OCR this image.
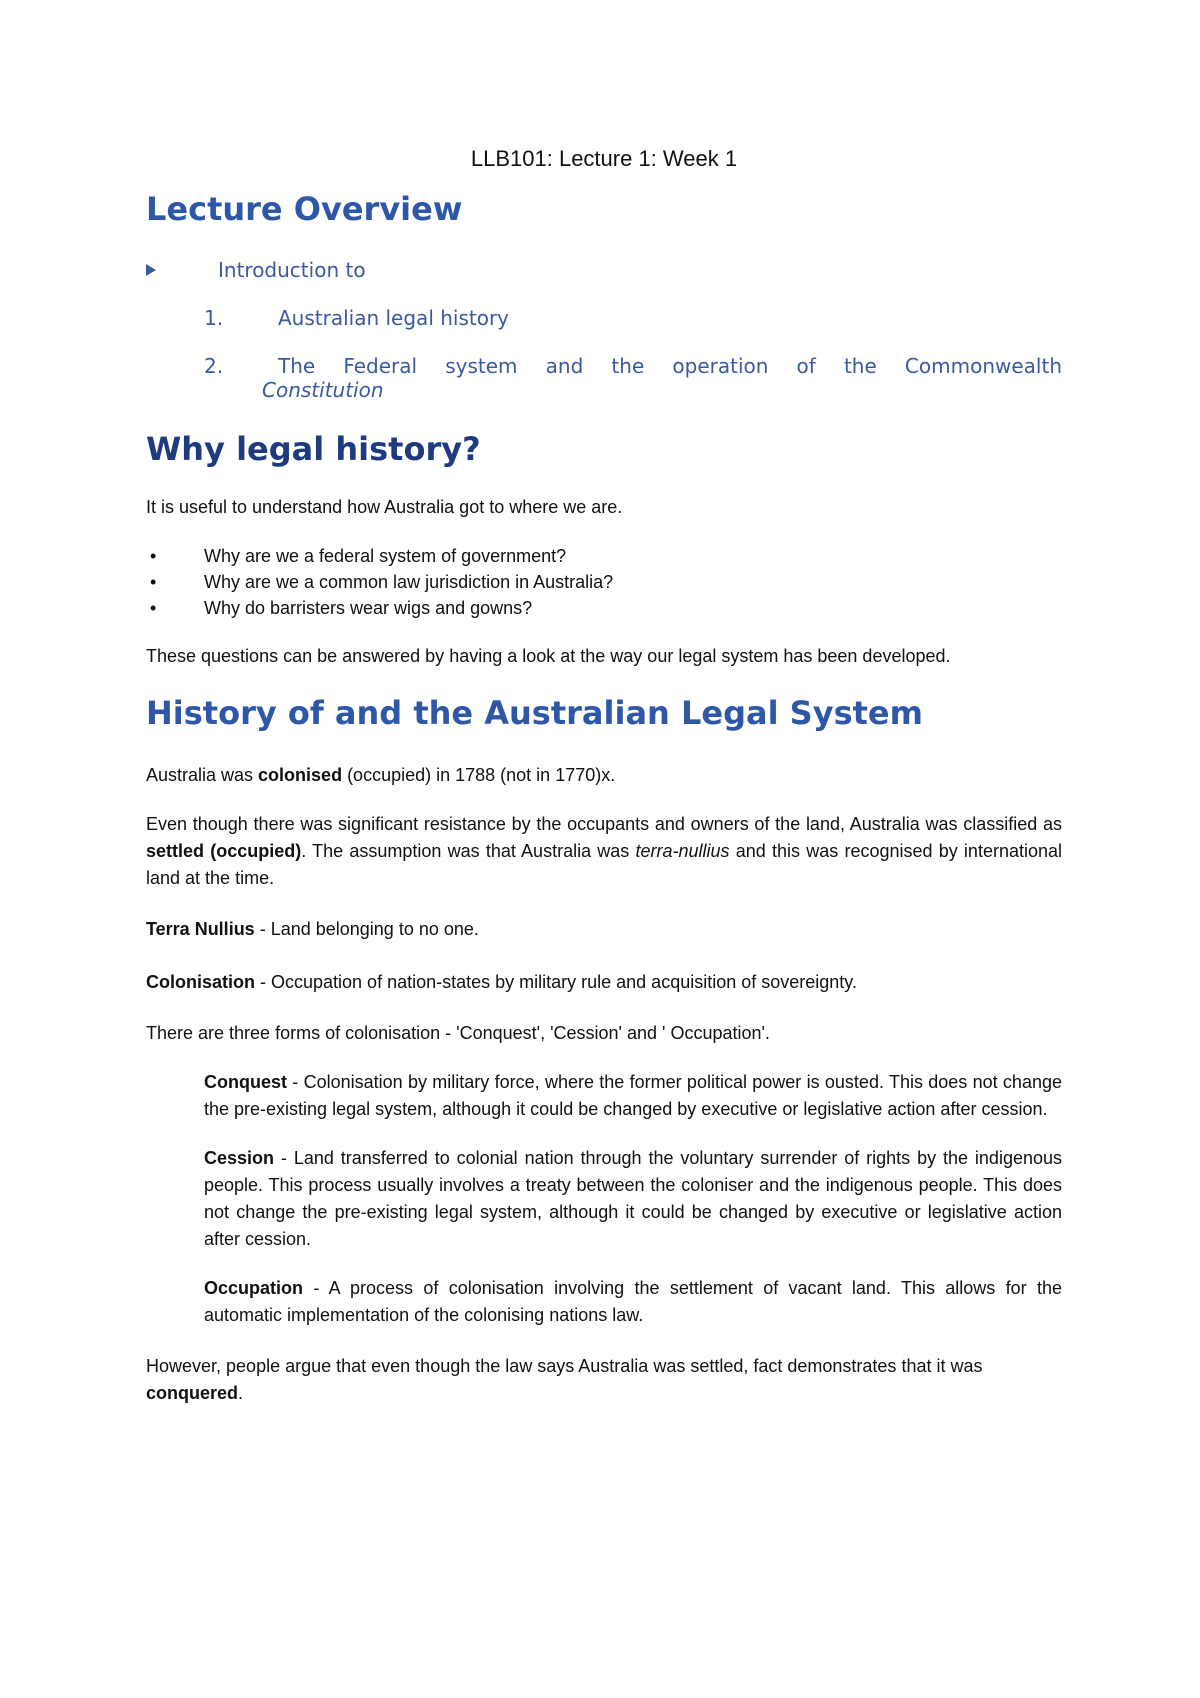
LLB101: Lecture 1: Week 1
Lecture Overview
Introduction to
1.	Australian legal history
2.	The Federal system and the operation of the Commonwealth
Constitution
Why legal history?

It is useful to understand how Australia got to where we are.

• Why are we a federal system of government?
• Why are we a common law jurisdiction in Australia?
• Why do barristers wear wigs and gowns?

These questions can be answered by having a look at the way our legal system has been developed.

History of and the Australian Legal System

Australia was colonised (occupied) in 1788 (not in 1770)x.

Even though there was significant resistance by the occupants and owners of the land, Australia was classified as settled (occupied). The assumption was that Australia was terra-nullius and this was recognised by international land at the time.

Terra Nullius - Land belonging to no one.

Colonisation - Occupation of nation-states by military rule and acquisition of sovereignty.

There are three forms of colonisation - 'Conquest', 'Cession' and ' Occupation'.

Conquest - Colonisation by military force, where the former political power is ousted. This does not change the pre-existing legal system, although it could be changed by executive or legislative action after cession.

Cession - Land transferred to colonial nation through the voluntary surrender of rights by the indigenous people. This process usually involves a treaty between the coloniser and the indigenous people. This does not change the pre-existing legal system, although it could be changed by executive or legislative action after cession.

Occupation - A process of colonisation involving the settlement of vacant land. This allows for the automatic implementation of the colonising nations law.

However, people argue that even though the law says Australia was settled, fact demonstrates that it was conquered.
